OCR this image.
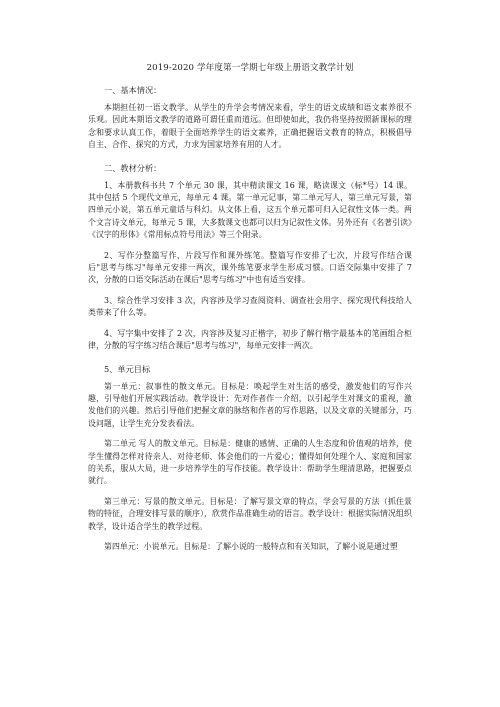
2019-2020 学年度第一学期七年级上册语文教学计划
一、基本情况：

本期担任初一语文教学。从学生的升学会考情况来看，学生的语文成绩和语文素养很不乐观。因此本期语文教学的道路可谓任重而道远。但即使如此，我仍将坚持按照新课标的理念和要求认真工作，着眼于全面培养学生的语文素养，正确把握语文教育的特点，积极倡导自主、合作、探究的方式，力求为国家培养有用的人才。

二、教材分析：

1、本册教科书共 7 个单元 30 课，其中精读课文 16 课，略读课文（标*号）14 课。其中包括 5 个现代文单元，每单元 4 课。第一单元记事，第二单元写人，第三单元写景，第四单元小说，第五单元童话与科幻。从文体上看，这五个单元都可归入记叙性文体一类。两个文言诗文单元，每单元 5 课，大多数课文也都可以归为记叙性文体。另外还有《名著引读》《汉字的形体》《常用标点符号用法》等三个附录。

2、写作分整篇写作、片段写作和课外练笔。整篇写作安排了七次，片段写作结合课后"思考与练习"每单元安排一两次，课外练笔要求学生形成习惯。口语交际集中安排了 7 次，分散的口语交际活动在课后"思考与练习"中也有适当安排。

3、综合性学习安排 3 次，内容涉及学习查阅资料、调查社会用字、探究现代科技给人类带来了什么等。

4、写字集中安排了 2 次，内容涉及复习正楷字，初步了解行楷字最基本的笔画组合柜律，分散的写字练习结合课后"思考与练习"，每单元安排一两次。

5、单元目标

第一单元：叙事性的散文单元。目标是：唤起学生对生活的感受，激发他们的写作兴趣，引导他们开展实践活动。教学设计：先对作者作一介绍，以引起学生对课文的重视，激发他们的兴趣。然后引导他们把握文章的脉络和作者的写作思路，以及文章的关键部分，巧设问题，让学生充分发表看法。

第二单元 写人的散文单元。目标是：健康的感情、正确的人生态度和价值观的培养，使学生懂得怎样对待亲人、对待老师、体会他们的一片爱心；懂得如何处理个人、家庭和国家的关系，服从大局，进一步培养学生的写作技能。教学设计：帮助学生理清思路，把握要点就行。

第三单元：写景的散文单元。目标是：了解写景文章的特点，学会写景的方法（抓住景物的特征，合理安排写景的顺序），欣赏作品准确生动的语言。教学设计：根据实际情况组织教学，设计适合学生的教学过程。

第四单元：小说单元。目标是：了解小说的一般特点和有关知识，了解小说是通过塑
